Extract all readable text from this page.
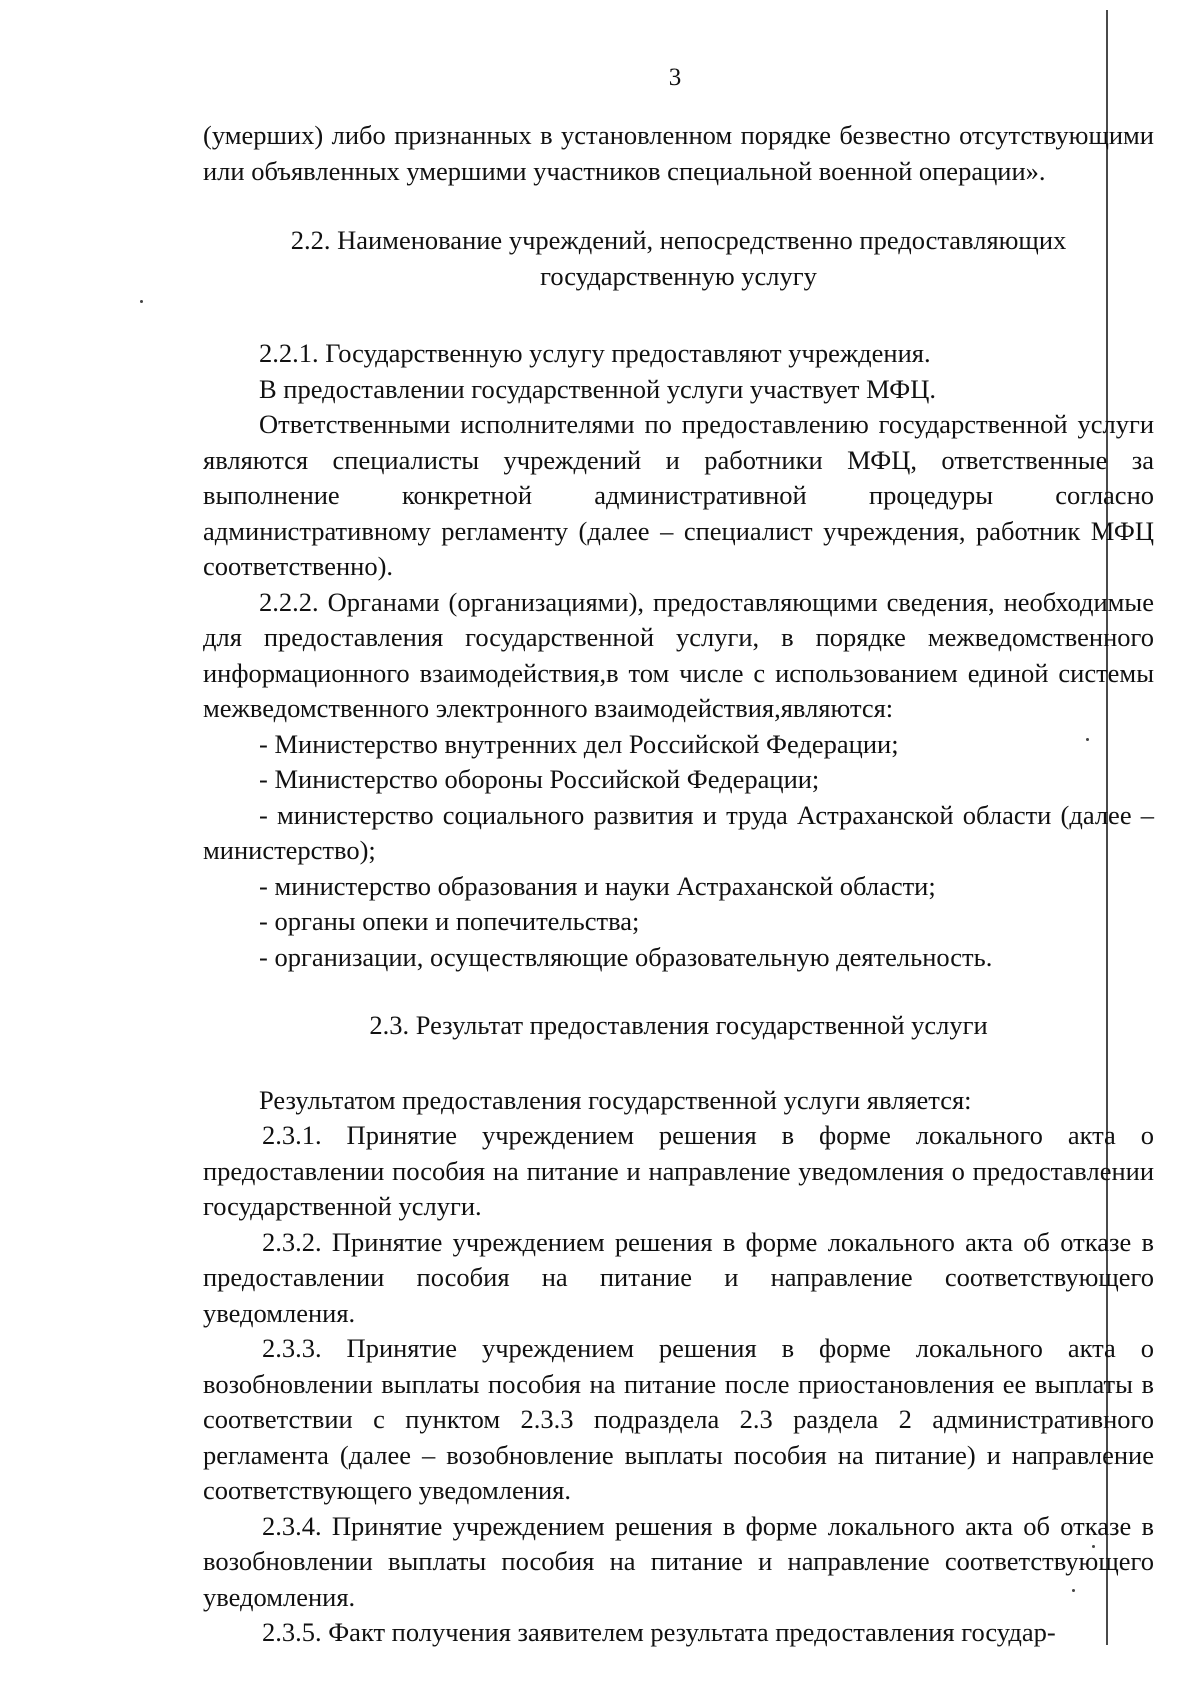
3

(умерших) либо признанных в установленном порядке безвестно отсутствующими или объявленных умершими участников специальной военной операции».

2.2. Наименование учреждений, непосредственно предоставляющих государственную услугу

2.2.1. Государственную услугу предоставляют учреждения.

В предоставлении государственной услуги участвует МФЦ.

Ответственными исполнителями по предоставлению государственной услуги являются специалисты учреждений и работники МФЦ, ответственные за выполнение конкретной административной процедуры согласно административному регламенту (далее – специалист учреждения, работник МФЦ соответственно).

2.2.2. Органами (организациями), предоставляющими сведения, необходимые для предоставления государственной услуги, в порядке межведомственного информационного взаимодействия,в том числе с использованием единой системы межведомственного электронного взаимодействия,являются:

- Министерство внутренних дел Российской Федерации;

- Министерство обороны Российской Федерации;

- министерство социального развития и труда Астраханской области (далее – министерство);

- министерство образования и науки Астраханской области;

- органы опеки и попечительства;

- организации, осуществляющие образовательную деятельность.

2.3. Результат предоставления государственной услуги

Результатом предоставления государственной услуги является:

2.3.1. Принятие учреждением решения в форме локального акта о предоставлении пособия на питание и направление уведомления о предоставлении государственной услуги.

2.3.2. Принятие учреждением решения в форме локального акта об отказе в предоставлении пособия на питание и направление соответствующего уведомления.

2.3.3. Принятие учреждением решения в форме локального акта о возобновлении выплаты пособия на питание после приостановления ее выплаты в соответствии с пунктом 2.3.3 подраздела 2.3 раздела 2 административного регламента (далее – возобновление выплаты пособия на питание) и направление соответствующего уведомления.

2.3.4. Принятие учреждением решения в форме локального акта об отказе в возобновлении выплаты пособия на питание и направление соответствующего уведомления.

2.3.5. Факт получения заявителем результата предоставления государ-
